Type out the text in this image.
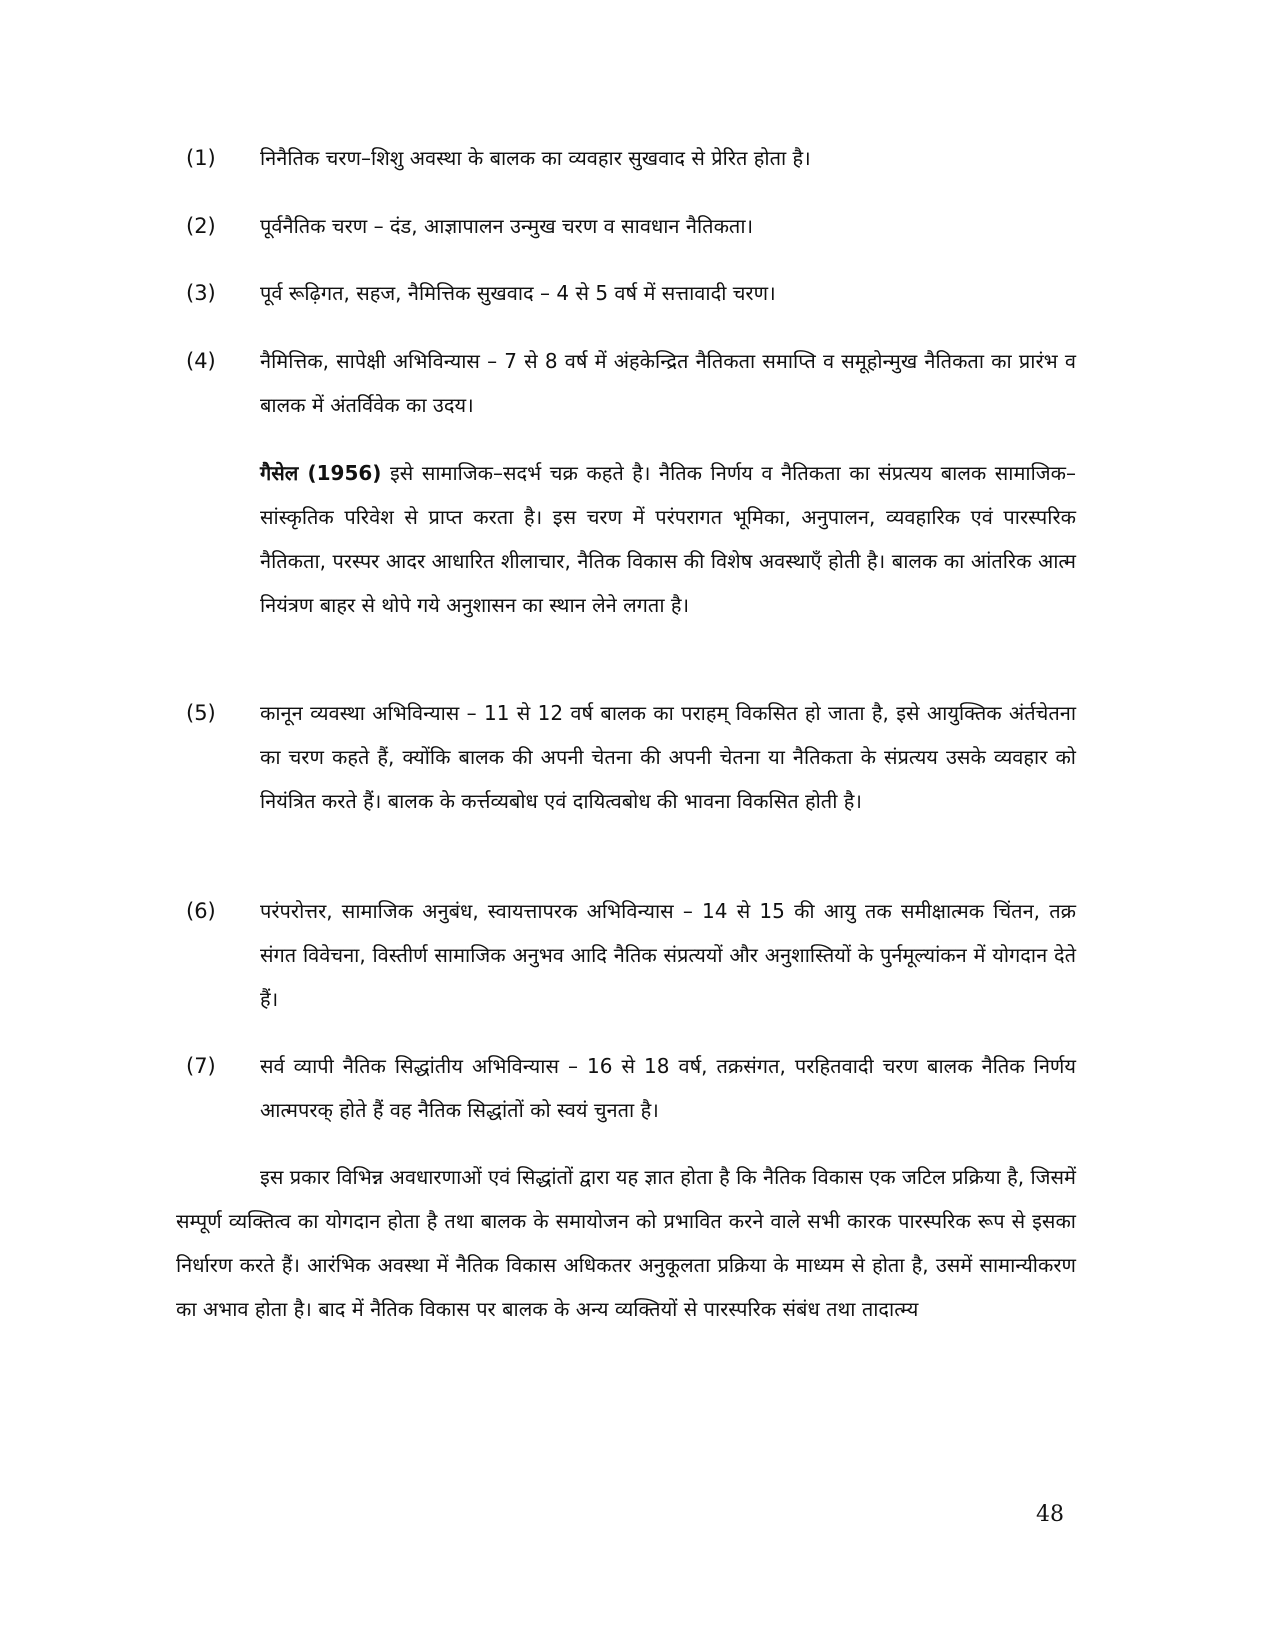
(1) निनैतिक चरण–शिशु अवस्था के बालक का व्यवहार सुखवाद से प्रेरित होता है।
(2) पूर्वनैतिक चरण – दंड, आज्ञापालन उन्मुख चरण व सावधान नैतिकता।
(3) पूर्व रूढ़िगत, सहज, नैमित्तिक सुखवाद – 4 से 5 वर्ष में सत्तावादी चरण।
(4) नैमित्तिक, सापेक्षी अभिविन्यास – 7 से 8 वर्ष में अंहकेन्द्रित नैतिकता समाप्ति व समूहोन्मुख नैतिकता का प्रारंभ व बालक में अंतर्विवेक का उदय।
गैसेल (1956) इसे सामाजिक–सदर्भ चक्र कहते है। नैतिक निर्णय व नैतिकता का संप्रत्यय बालक सामाजिक–सांस्कृतिक परिवेश से प्राप्त करता है। इस चरण में परंपरागत भूमिका, अनुपालन, व्यवहारिक एवं पारस्परिक नैतिकता, परस्पर आदर आधारित शीलाचार, नैतिक विकास की विशेष अवस्थाएँ होती है। बालक का आंतरिक आत्म नियंत्रण बाहर से थोपे गये अनुशासन का स्थान लेने लगता है।
(5) कानून व्यवस्था अभिविन्यास – 11 से 12 वर्ष बालक का पराहम् विकसित हो जाता है, इसे आयुक्तिक अंर्तचेतना का चरण कहते हैं, क्योंकि बालक की अपनी चेतना की अपनी चेतना या नैतिकता के संप्रत्यय उसके व्यवहार को नियंत्रित करते हैं। बालक के कर्त्तव्यबोध एवं दायित्वबोध की भावना विकसित होती है।
(6) परंपरोत्तर, सामाजिक अनुबंध, स्वायत्तापरक अभिविन्यास – 14 से 15 की आयु तक समीक्षात्मक चिंतन, तक्र संगत विवेचना, विस्तीर्ण सामाजिक अनुभव आदि नैतिक संप्रत्ययों और अनुशास्तियों के पुर्नमूल्यांकन में योगदान देते हैं।
(7) सर्व व्यापी नैतिक सिद्धांतीय अभिविन्यास – 16 से 18 वर्ष, तक्रसंगत, परहितवादी चरण बालक नैतिक निर्णय आत्मपरक् होते हैं वह नैतिक सिद्धांतों को स्वयं चुनता है।
इस प्रकार विभिन्न अवधारणाओं एवं सिद्धांतों द्वारा यह ज्ञात होता है कि नैतिक विकास एक जटिल प्रक्रिया है, जिसमें सम्पूर्ण व्यक्तित्व का योगदान होता है तथा बालक के समायोजन को प्रभावित करने वाले सभी कारक पारस्परिक रूप से इसका निर्धारण करते हैं। आरंभिक अवस्था में नैतिक विकास अधिकतर अनुकूलता प्रक्रिया के माध्यम से होता है, उसमें सामान्यीकरण का अभाव होता है। बाद में नैतिक विकास पर बालक के अन्य व्यक्तियों से पारस्परिक संबंध तथा तादात्म्य
48
